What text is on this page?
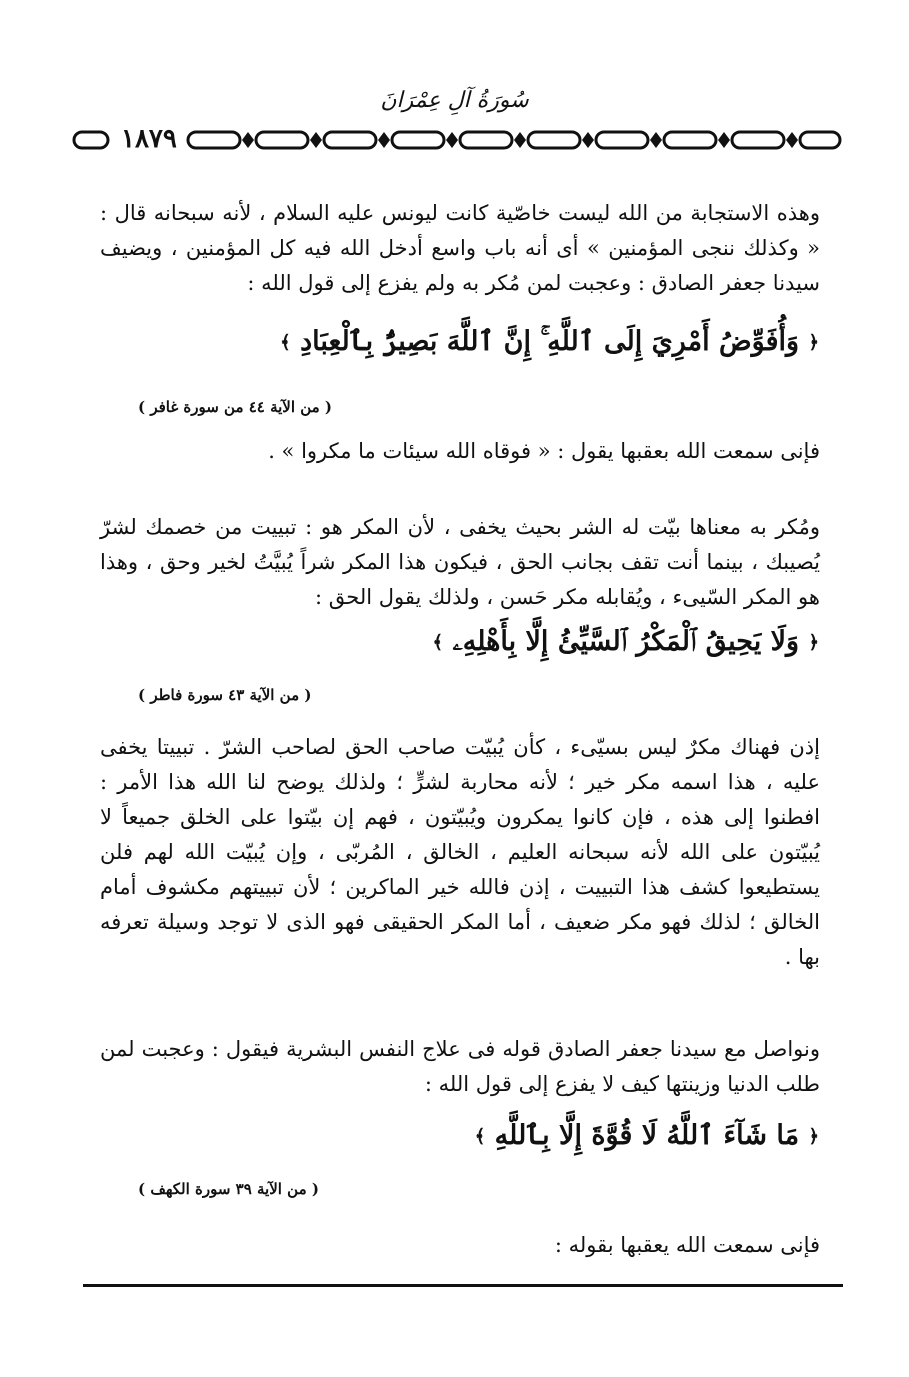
سُورَةُ آلِ عِمْرَانَ
١٨٧٩
وهذه الاستجابة من الله ليست خاصّية كانت ليونس عليه السلام ، لأنه سبحانه قال : « وكذلك ننجى المؤمنين » أى أنه باب واسع أدخل الله فيه كل المؤمنين ، ويضيف سيدنا جعفر الصادق : وعجبت لمن مُكر به ولم يفزع إلى قول الله :
﴿ وَأُفَوِّضُ أَمْرِيَ إِلَى ٱللَّهِ ۚ إِنَّ ٱللَّهَ بَصِيرٌۢ بِٱلْعِبَادِ ﴾
( من الآية ٤٤ من سورة غافر )
فإنى سمعت الله بعقبها يقول : « فوقاه الله سيئات ما مكروا » .
ومُكر به معناها بيّت له الشر بحيث يخفى ، لأن المكر هو : تبييت من خصمك لشرّ يُصيبك ، بينما أنت تقف بجانب الحق ، فيكون هذا المكر شراً يُبيَّتُ لخير وحق ، وهذا هو المكر السّيىء ، ويُقابله مكر حَسن ، ولذلك يقول الحق :
﴿ وَلَا يَحِيقُ ٱلْمَكْرُ ٱلسَّيِّئُ إِلَّا بِأَهْلِهِۦ ﴾
( من الآية ٤٣ سورة فاطر )
إذن فهناك مكرٌ ليس بسيّىء ، كأن يُبيّت صاحب الحق لصاحب الشرّ . تبييتا يخفى عليه ، هذا اسمه مكر خير ؛ لأنه محاربة لشرٍّ ؛ ولذلك يوضح لنا الله هذا الأمر : افطنوا إلى هذه ، فإن كانوا يمكرون ويُبيّتون ، فهم إن بيّتوا على الخلق جميعاً لا يُبيّتون على الله لأنه سبحانه العليم ، الخالق ، المُربّى ، وإن يُبيّت الله لهم فلن يستطيعوا كشف هذا التبييت ، إذن فالله خير الماكرين ؛ لأن تبييتهم مكشوف أمام الخالق ؛ لذلك فهو مكر ضعيف ، أما المكر الحقيقى فهو الذى لا توجد وسيلة تعرفه بها .
ونواصل مع سيدنا جعفر الصادق قوله فى علاج النفس البشرية فيقول : وعجبت لمن طلب الدنيا وزينتها كيف لا يفزع إلى قول الله :
﴿ مَا شَآءَ ٱللَّهُ لَا قُوَّةَ إِلَّا بِٱللَّهِ ﴾
( من الآية ٣٩ سورة الكهف )
فإنى سمعت الله يعقبها بقوله :
